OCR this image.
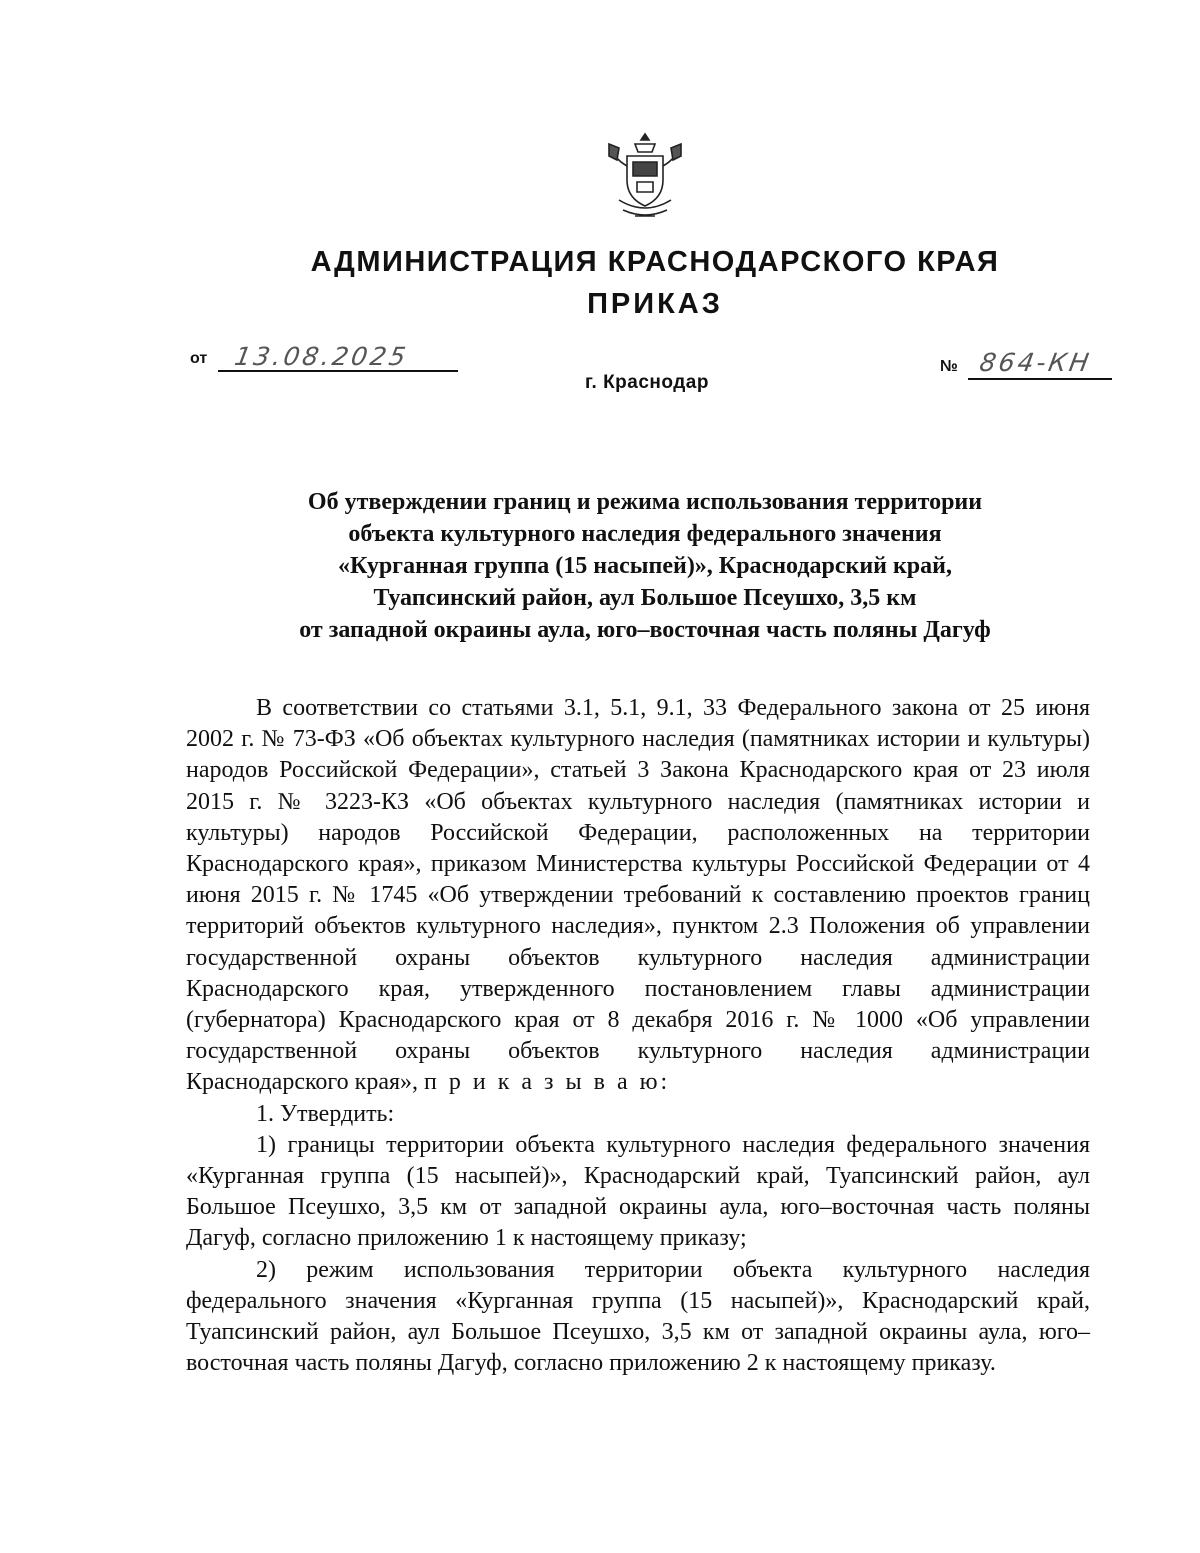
АДМИНИСТРАЦИЯ КРАСНОДАРСКОГО КРАЯ
ПРИКАЗ
от 13.08.2025	№ 864-КН
г. Краснодар
Об утверждении границ и режима использования территории
объекта культурного наследия федерального значения
«Курганная группа (15 насыпей)», Краснодарский край,
Туапсинский район, аул Большое Псеушхо, 3,5 км
от западной окраины аула, юго–восточная часть поляны Дагуф

В соответствии со статьями 3.1, 5.1, 9.1, 33 Федерального закона от 25 июня 2002 г. № 73-ФЗ «Об объектах культурного наследия (памятниках истории и культуры) народов Российской Федерации», статьей 3 Закона Краснодарского края от 23 июля 2015 г. № 3223-КЗ «Об объектах культурного наследия (памятниках истории и культуры) народов Российской Федерации, расположенных на территории Краснодарского края», приказом Министерства культуры Российской Федерации от 4 июня 2015 г. № 1745 «Об утверждении требований к составлению проектов границ территорий объектов культурного наследия», пунктом 2.3 Положения об управлении государственной охраны объектов культурного наследия администрации Краснодарского края, утвержденного постановлением главы администрации (губернатора) Краснодарского края от 8 декабря 2016 г. № 1000 «Об управлении государственной охраны объектов культурного наследия администрации Краснодарского края», п р и к а з ы в а ю:

1. Утвердить:

1) границы территории объекта культурного наследия федерального значения «Курганная группа (15 насыпей)», Краснодарский край, Туапсинский район, аул Большое Псеушхо, 3,5 км от западной окраины аула, юго–восточная часть поляны Дагуф, согласно приложению 1 к настоящему приказу;

2) режим использования территории объекта культурного наследия федерального значения «Курганная группа (15 насыпей)», Краснодарский край, Туапсинский район, аул Большое Псеушхо, 3,5 км от западной окраины аула, юго–восточная часть поляны Дагуф, согласно приложению 2 к настоящему приказу.
